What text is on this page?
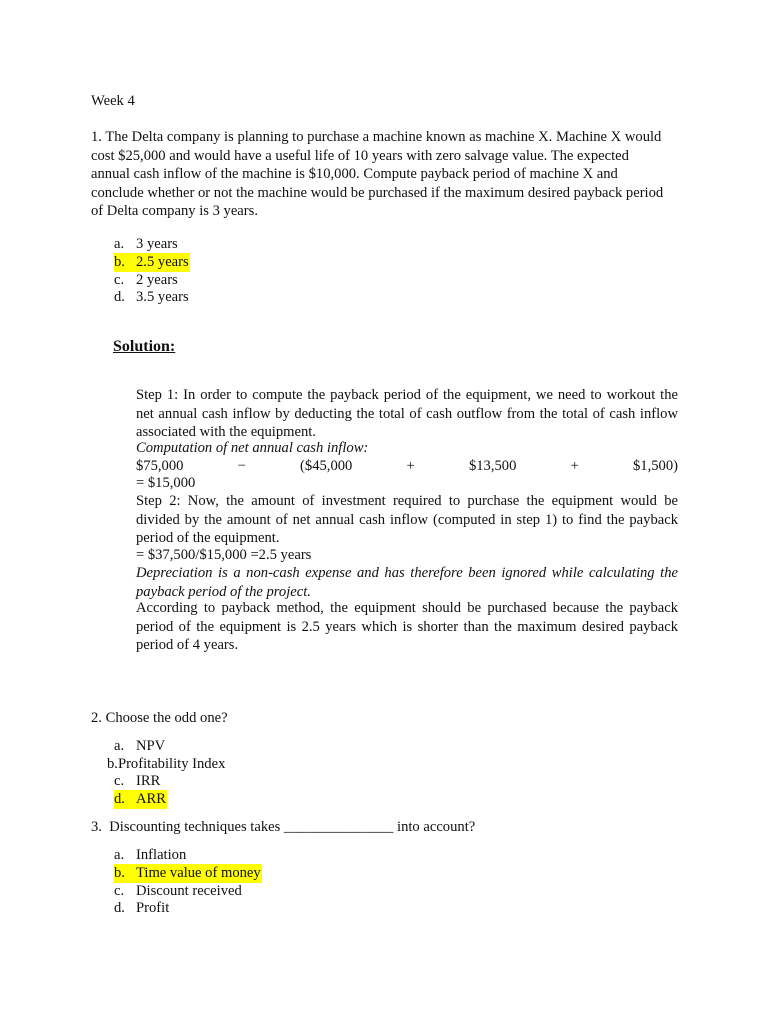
Week 4
1. The Delta company is planning to purchase a machine known as machine X. Machine X would cost $25,000 and would have a useful life of 10 years with zero salvage value. The expected annual cash inflow of the machine is $10,000. Compute payback period of machine X and conclude whether or not the machine would be purchased if the maximum desired payback period of Delta company is 3 years.
a. 3 years
b. 2.5 years
c. 2 years
d. 3.5 years
Solution:
Step 1: In order to compute the payback period of the equipment, we need to workout the net annual cash inflow by deducting the total of cash outflow from the total of cash inflow associated with the equipment.
Computation of net annual cash inflow:
$75,000	−	($45,000	+	$13,500	+	$1,500)
= $15,000
Step 2: Now, the amount of investment required to purchase the equipment would be divided by the amount of net annual cash inflow (computed in step 1) to find the payback period of the equipment.
= $37,500/$15,000 =2.5 years
Depreciation is a non-cash expense and has therefore been ignored while calculating the payback period of the project.
According to payback method, the equipment should be purchased because the payback period of the equipment is 2.5 years which is shorter than the maximum desired payback period of 4 years.
2. Choose the odd one?
a. NPV
b.Profitability Index
c. IRR
d. ARR
3.  Discounting techniques takes _______________ into account?
a. Inflation
b. Time value of money
c. Discount received
d. Profit
